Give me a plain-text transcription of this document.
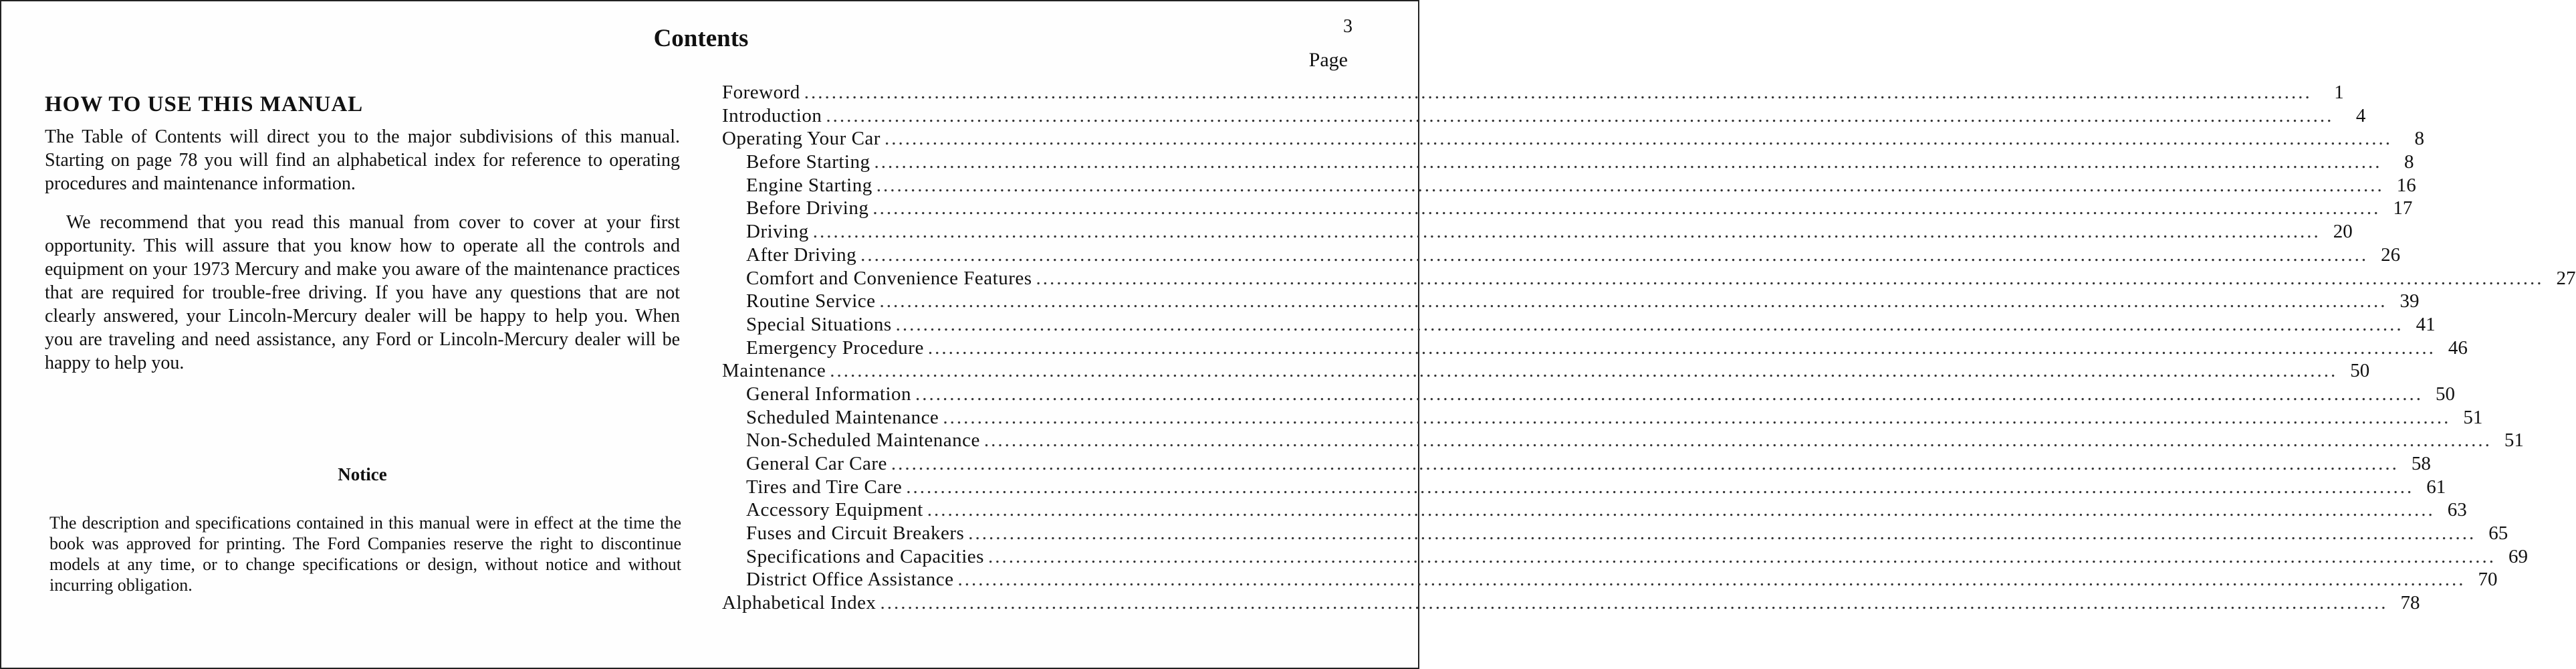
Contents	3
Page
HOW TO USE THIS MANUAL

The Table of Contents will direct you to the major subdivisions of this manual. Starting on page 78 you will find an alphabetical index for reference to operating procedures and maintenance information.

We recommend that you read this manual from cover to cover at your first opportunity. This will assure that you know how to operate all the controls and equipment on your 1973 Mercury and make you aware of the maintenance practices that are required for trouble-free driving. If you have any questions that are not clearly answered, your Lincoln-Mercury dealer will be happy to help you. When you are traveling and need assistance, any Ford or Lincoln-Mercury dealer will be happy to help you.

Notice

The description and specifications contained in this manual were in effect at the time the book was approved for printing. The Ford Companies reserve the right to discontinue models at any time, or to change specifications or design, without notice and without incurring obligation.

Foreword ............................................................................................................................................................................................................................	1
Introduction ............................................................................................................................................................................................................................	4
Operating Your Car ............................................................................................................................................................................................................................	8
Before Starting ............................................................................................................................................................................................................................	8
Engine Starting ............................................................................................................................................................................................................................ 16
Before Driving ............................................................................................................................................................................................................................ 17
Driving ............................................................................................................................................................................................................................ 20
After Driving ............................................................................................................................................................................................................................ 26
Comfort and Convenience Features ............................................................................................................................................................................................................................ 27
Routine Service ............................................................................................................................................................................................................................ 39
Special Situations ............................................................................................................................................................................................................................ 41
Emergency Procedure ............................................................................................................................................................................................................................ 46
Maintenance ............................................................................................................................................................................................................................ 50
General Information ............................................................................................................................................................................................................................ 50
Scheduled Maintenance ............................................................................................................................................................................................................................ 51
Non-Scheduled Maintenance ............................................................................................................................................................................................................................ 51
General Car Care ............................................................................................................................................................................................................................ 58
Tires and Tire Care ............................................................................................................................................................................................................................ 61
Accessory Equipment ............................................................................................................................................................................................................................ 63
Fuses and Circuit Breakers ............................................................................................................................................................................................................................ 65
Specifications and Capacities ............................................................................................................................................................................................................................ 69
District Office Assistance ............................................................................................................................................................................................................................ 70
Alphabetical Index ............................................................................................................................................................................................................................ 78
